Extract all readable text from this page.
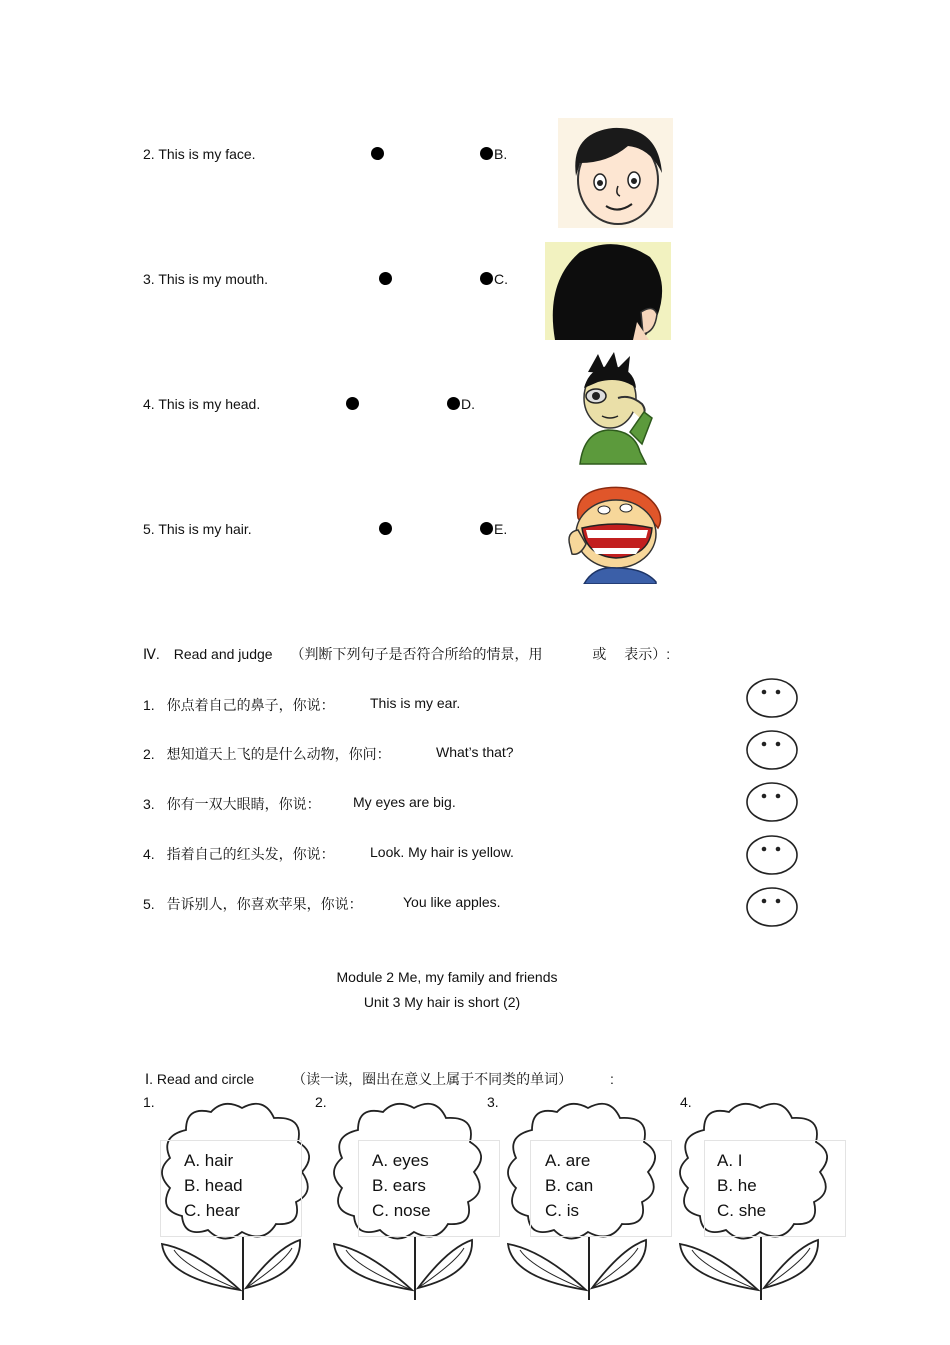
2. This is my face.	B.
3. This is my mouth.	C.
4. This is my head.	D.
5. This is my hair.	E.
Ⅳ. Read and judge （判断下列句子是否符合所给的情景，用	或 表示）:
1. 你点着自己的鼻子，你说：	This is my ear.
2. 想知道天上飞的是什么动物，你问：	What’s that?
3. 你有一双大眼睛，你说： My eyes are big.
4. 指着自己的红头发，你说：	Look. My hair is yellow.
5. 告诉别人，你喜欢苹果，你说：	You like apples.
Module 2 Me, my family and friends
Unit 3 My hair is short (2)
Ⅰ. Read and circle	（读一读，圈出在意义上属于不同类的单词）	:
1.	2.	3.	4.
A. hair
B. head
C. hear
A. eyes
B. ears
C. nose
A. are
B. can
C. is
A. I
B. he
C. she
